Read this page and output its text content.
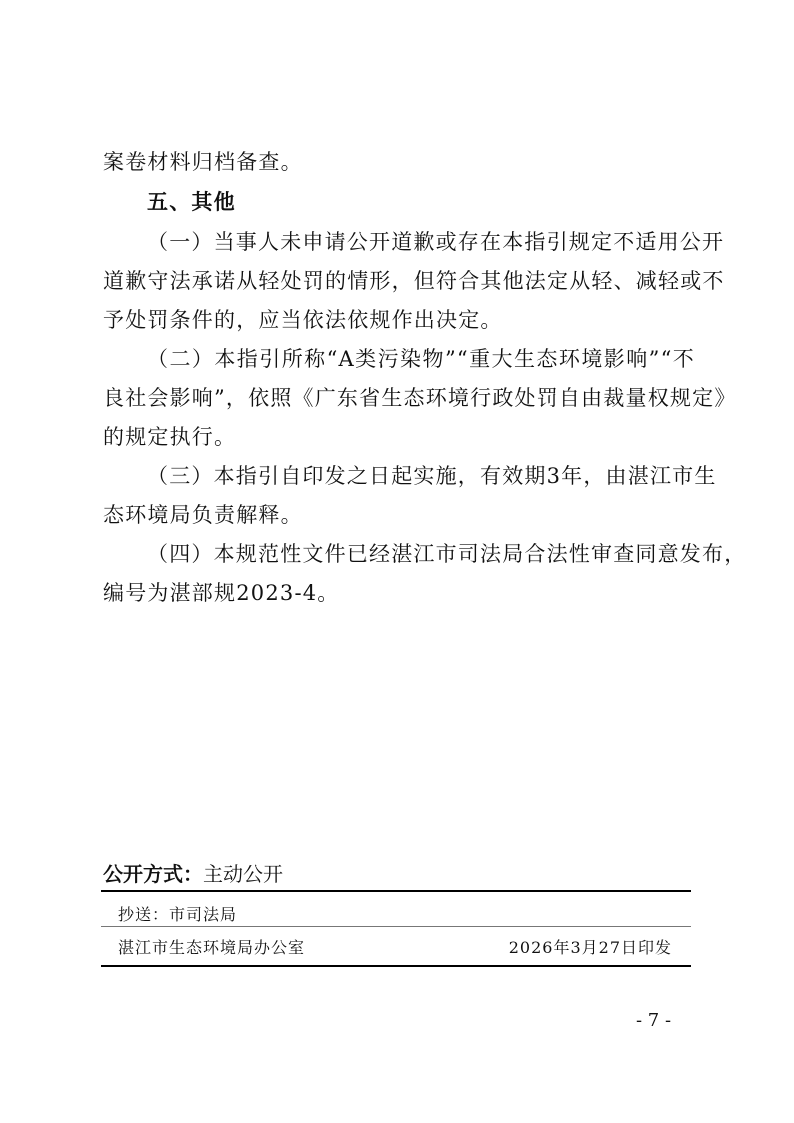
案卷材料归档备查。
五、其他
（一）当事人未申请公开道歉或存在本指引规定不适用公开
道歉守法承诺从轻处罚的情形，但符合其他法定从轻、减轻或不
予处罚条件的，应当依法依规作出决定。
（二）本指引所称“A类污染物”“重大生态环境影响”“不
良社会影响”，依照《广东省生态环境行政处罚自由裁量权规定》
的规定执行。
（三）本指引自印发之日起实施，有效期3年，由湛江市生
态环境局负责解释。
（四）本规范性文件已经湛江市司法局合法性审查同意发布，
编号为湛部规2023-4。
公开方式：主动公开
抄送：市司法局
湛江市生态环境局办公室	2026年3月27日印发
- 7 -
